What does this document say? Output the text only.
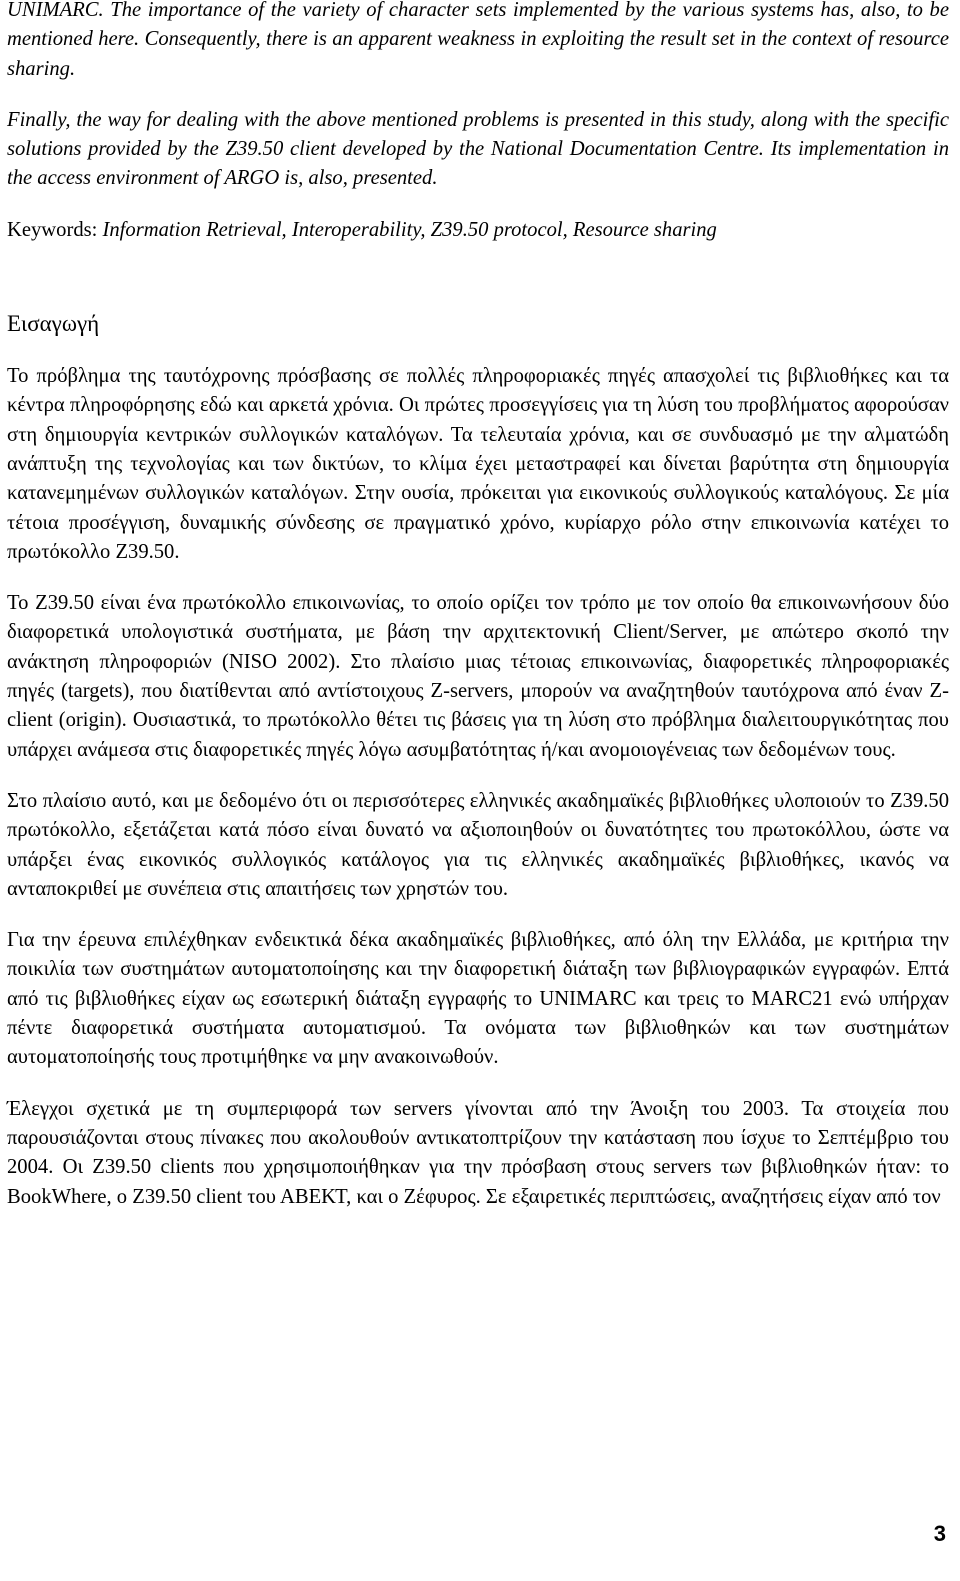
UNIMARC. The importance of the variety of character sets implemented by the various systems has, also, to be mentioned here. Consequently, there is an apparent weakness in exploiting the result set in the context of resource sharing.

Finally, the way for dealing with the above mentioned problems is presented in this study, along with the specific solutions provided by the Z39.50 client developed by the National Documentation Centre. Its implementation in the access environment of ARGO is, also, presented.

Keywords: Information Retrieval, Interoperability, Z39.50 protocol, Resource sharing

Εισαγωγή

Το πρόβλημα της ταυτόχρονης πρόσβασης σε πολλές πληροφοριακές πηγές απασχολεί τις βιβλιοθήκες και τα κέντρα πληροφόρησης εδώ και αρκετά χρόνια. Οι πρώτες προσεγγίσεις για τη λύση του προβλήματος αφορούσαν στη δημιουργία κεντρικών συλλογικών καταλόγων. Τα τελευταία χρόνια, και σε συνδυασμό με την αλματώδη ανάπτυξη της τεχνολογίας και των δικτύων, το κλίμα έχει μεταστραφεί και δίνεται βαρύτητα στη δημιουργία κατανεμημένων συλλογικών καταλόγων. Στην ουσία, πρόκειται για εικονικούς συλλογικούς καταλόγους. Σε μία τέτοια προσέγγιση, δυναμικής σύνδεσης σε πραγματικό χρόνο, κυρίαρχο ρόλο στην επικοινωνία κατέχει το πρωτόκολλο Z39.50.

Το Z39.50 είναι ένα πρωτόκολλο επικοινωνίας, το οποίο ορίζει τον τρόπο με τον οποίο θα επικοινωνήσουν δύο διαφορετικά υπολογιστικά συστήματα, με βάση την αρχιτεκτονική Client/Server, με απώτερο σκοπό την ανάκτηση πληροφοριών (NISO 2002). Στο πλαίσιο μιας τέτοιας επικοινωνίας, διαφορετικές πληροφοριακές πηγές (targets), που διατίθενται από αντίστοιχους Z-servers, μπορούν να αναζητηθούν ταυτόχρονα από έναν Z-client (origin). Ουσιαστικά, το πρωτόκολλο θέτει τις βάσεις για τη λύση στο πρόβλημα διαλειτουργικότητας που υπάρχει ανάμεσα στις διαφορετικές πηγές λόγω ασυμβατότητας ή/και ανομοιογένειας των δεδομένων τους.

Στο πλαίσιο αυτό, και με δεδομένο ότι οι περισσότερες ελληνικές ακαδημαϊκές βιβλιοθήκες υλοποιούν το Z39.50 πρωτόκολλο, εξετάζεται κατά πόσο είναι δυνατό να αξιοποιηθούν οι δυνατότητες του πρωτοκόλλου, ώστε να υπάρξει ένας εικονικός συλλογικός κατάλογος για τις ελληνικές ακαδημαϊκές βιβλιοθήκες, ικανός να ανταποκριθεί με συνέπεια στις απαιτήσεις των χρηστών του.

Για την έρευνα επιλέχθηκαν ενδεικτικά δέκα ακαδημαϊκές βιβλιοθήκες, από όλη την Ελλάδα, με κριτήρια την ποικιλία των συστημάτων αυτοματοποίησης και την διαφορετική διάταξη των βιβλιογραφικών εγγραφών. Επτά από τις βιβλιοθήκες είχαν ως εσωτερική διάταξη εγγραφής το UNIMARC και τρεις το MARC21 ενώ υπήρχαν πέντε διαφορετικά συστήματα αυτοματισμού. Τα ονόματα των βιβλιοθηκών και των συστημάτων αυτοματοποίησής τους προτιμήθηκε να μην ανακοινωθούν.

Έλεγχοι σχετικά με τη συμπεριφορά των servers γίνονται από την Άνοιξη του 2003. Τα στοιχεία που παρουσιάζονται στους πίνακες που ακολουθούν αντικατοπτρίζουν την κατάσταση που ίσχυε το Σεπτέμβριο του 2004. Οι Z39.50 clients που χρησιμοποιήθηκαν για την πρόσβαση στους servers των βιβλιοθηκών ήταν: το BookWhere, ο Z39.50 client του ΑΒΕΚΤ, και ο Ζέφυρος. Σε εξαιρετικές περιπτώσεις, αναζητήσεις είχαν από τον

3
